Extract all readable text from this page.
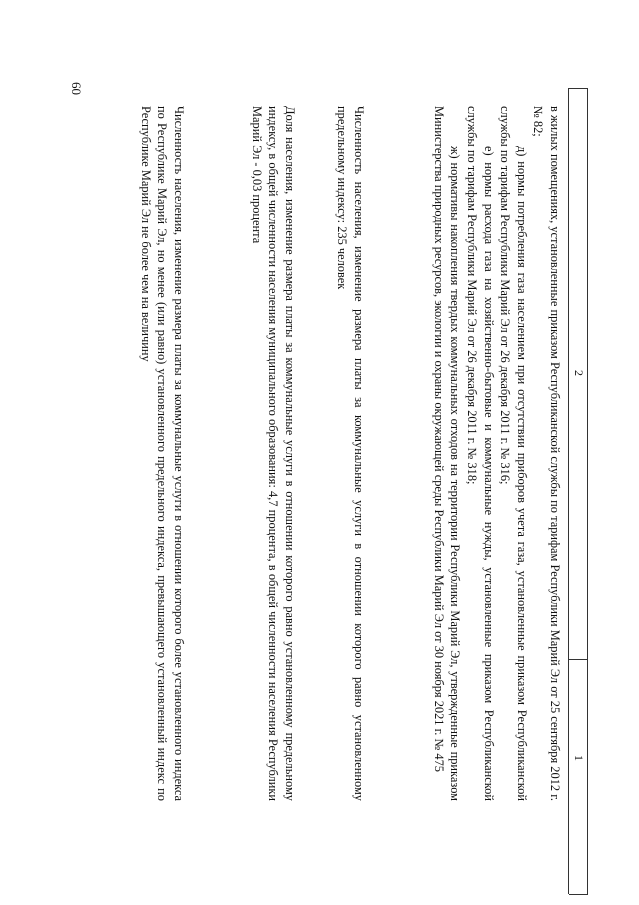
60
2
1

в жилых помещениях, установленные приказом Республиканской службы по тарифам Республики Марий Эл от 25 сентября 2012 г. № 82;

д) нормы потребления газа населением при отсутствии приборов учета газа, установленные приказом Республиканской службы по тарифам Республики Марий Эл от 26 декабря 2011 г. № 316;

е) нормы расхода газа на хозяйственно-бытовые и коммунальные нужды, установленные приказом Республиканской службы по тарифам Республики Марий Эл от 26 декабря 2011 г. № 318;

ж) нормативы накопления твердых коммунальных отходов на территории Республики Марий Эл, утвержденные приказом Министерства природных ресурсов, экологии и охраны окружающей среды Республики Марий Эл от 30 ноября 2021 г. № 475

Численность населения, изменение размера платы за коммунальные услуги в отношении которого равно установленному предельному индексу: 235 человек
Доля населения, изменение размера платы за коммунальные услуги в отношении которого равно установленному предельному индексу, в общей численности населения муниципального образования: 4,7 процента, в общей численности населения Республики Марий Эл - 0,03 процента
Численность населения, изменение размера платы за коммунальные услуги в отношении которого более установленного индекса по Республике Марий Эл, но менее (или равно) установленного предельного индекса, превышающего установленный индекс по Республике Марий Эл не более чем на величину
